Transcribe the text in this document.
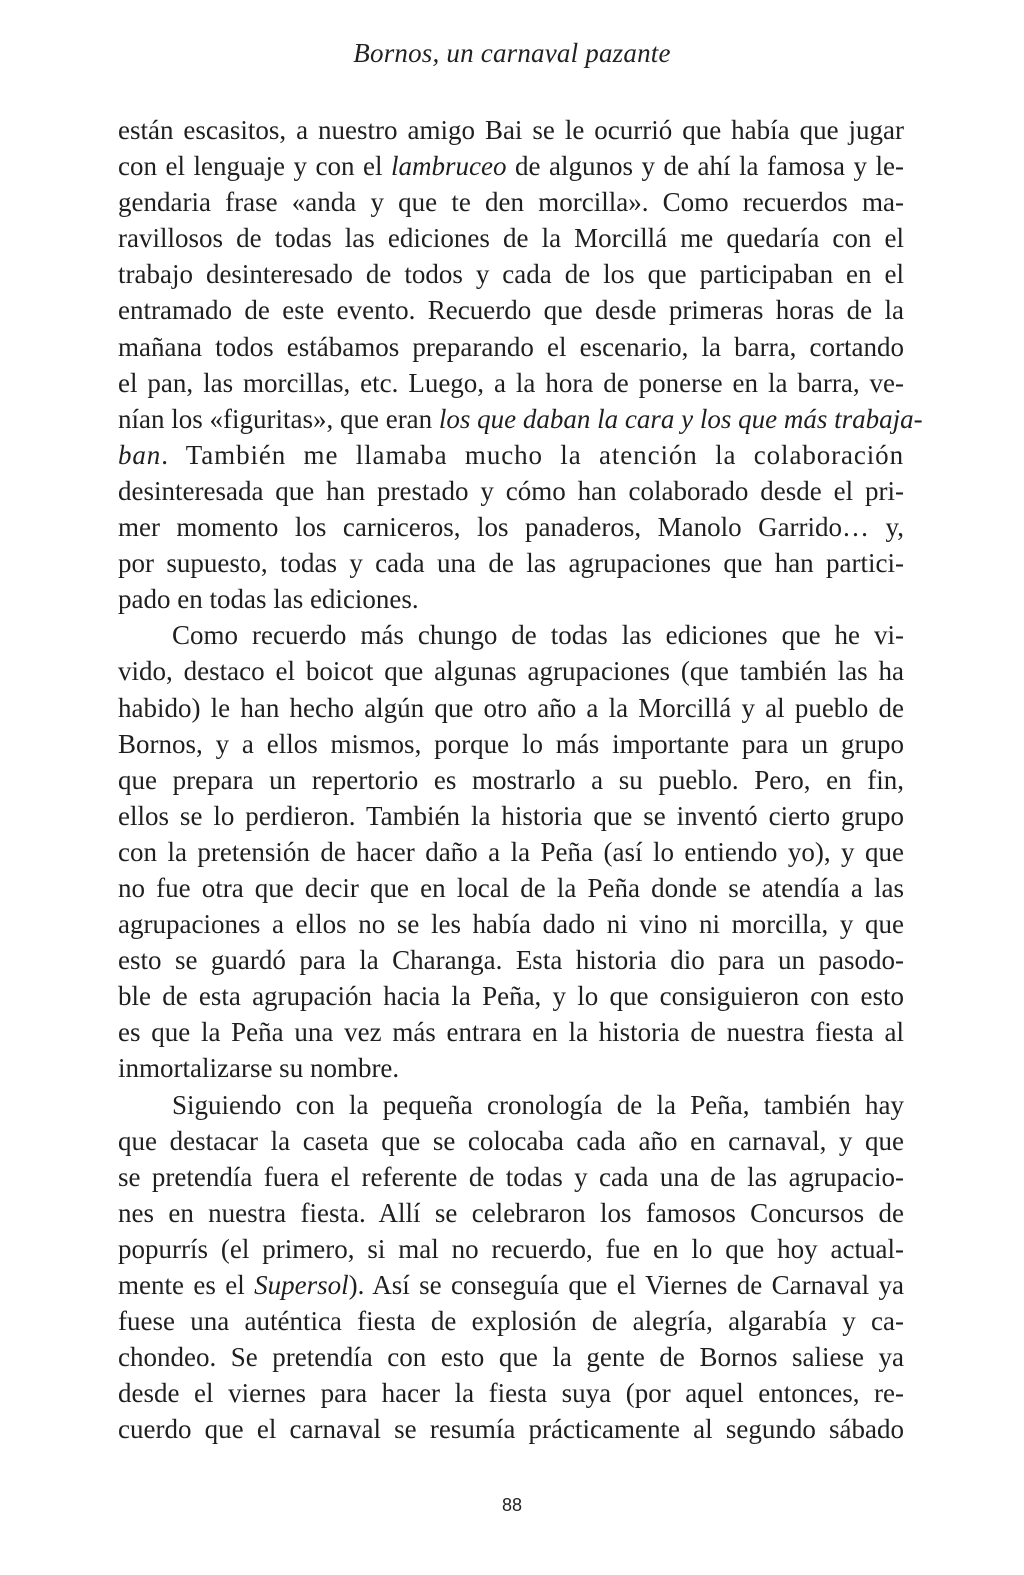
Bornos, un carnaval pazante
están escasitos, a nuestro amigo Bai se le ocurrió que había que jugar
con el lenguaje y con el lambruceo de algunos y de ahí la famosa y le-
gendaria frase «anda y que te den morcilla». Como recuerdos ma-
ravillosos de todas las ediciones de la Morcillá me quedaría con el
trabajo desinteresado de todos y cada de los que participaban en el
entramado de este evento. Recuerdo que desde primeras horas de la
mañana todos estábamos preparando el escenario, la barra, cortando
el pan, las morcillas, etc. Luego, a la hora de ponerse en la barra, ve-
nían los «figuritas», que eran los que daban la cara y los que más trabaja-
ban. También me llamaba mucho la atención la colaboración
desinteresada que han prestado y cómo han colaborado desde el pri-
mer momento los carniceros, los panaderos, Manolo Garrido… y,
por supuesto, todas y cada una de las agrupaciones que han partici-
pado en todas las ediciones.
Como recuerdo más chungo de todas las ediciones que he vi-
vido, destaco el boicot que algunas agrupaciones (que también las ha
habido) le han hecho algún que otro año a la Morcillá y al pueblo de
Bornos, y a ellos mismos, porque lo más importante para un grupo
que prepara un repertorio es mostrarlo a su pueblo. Pero, en fin,
ellos se lo perdieron. También la historia que se inventó cierto grupo
con la pretensión de hacer daño a la Peña (así lo entiendo yo), y que
no fue otra que decir que en local de la Peña donde se atendía a las
agrupaciones a ellos no se les había dado ni vino ni morcilla, y que
esto se guardó para la Charanga. Esta historia dio para un pasodo-
ble de esta agrupación hacia la Peña, y lo que consiguieron con esto
es que la Peña una vez más entrara en la historia de nuestra fiesta al
inmortalizarse su nombre.
Siguiendo con la pequeña cronología de la Peña, también hay
que destacar la caseta que se colocaba cada año en carnaval, y que
se pretendía fuera el referente de todas y cada una de las agrupacio-
nes en nuestra fiesta. Allí se celebraron los famosos Concursos de
popurrís (el primero, si mal no recuerdo, fue en lo que hoy actual-
mente es el Supersol). Así se conseguía que el Viernes de Carnaval ya
fuese una auténtica fiesta de explosión de alegría, algarabía y ca-
chondeo. Se pretendía con esto que la gente de Bornos saliese ya
desde el viernes para hacer la fiesta suya (por aquel entonces, re-
cuerdo que el carnaval se resumía prácticamente al segundo sábado
88
